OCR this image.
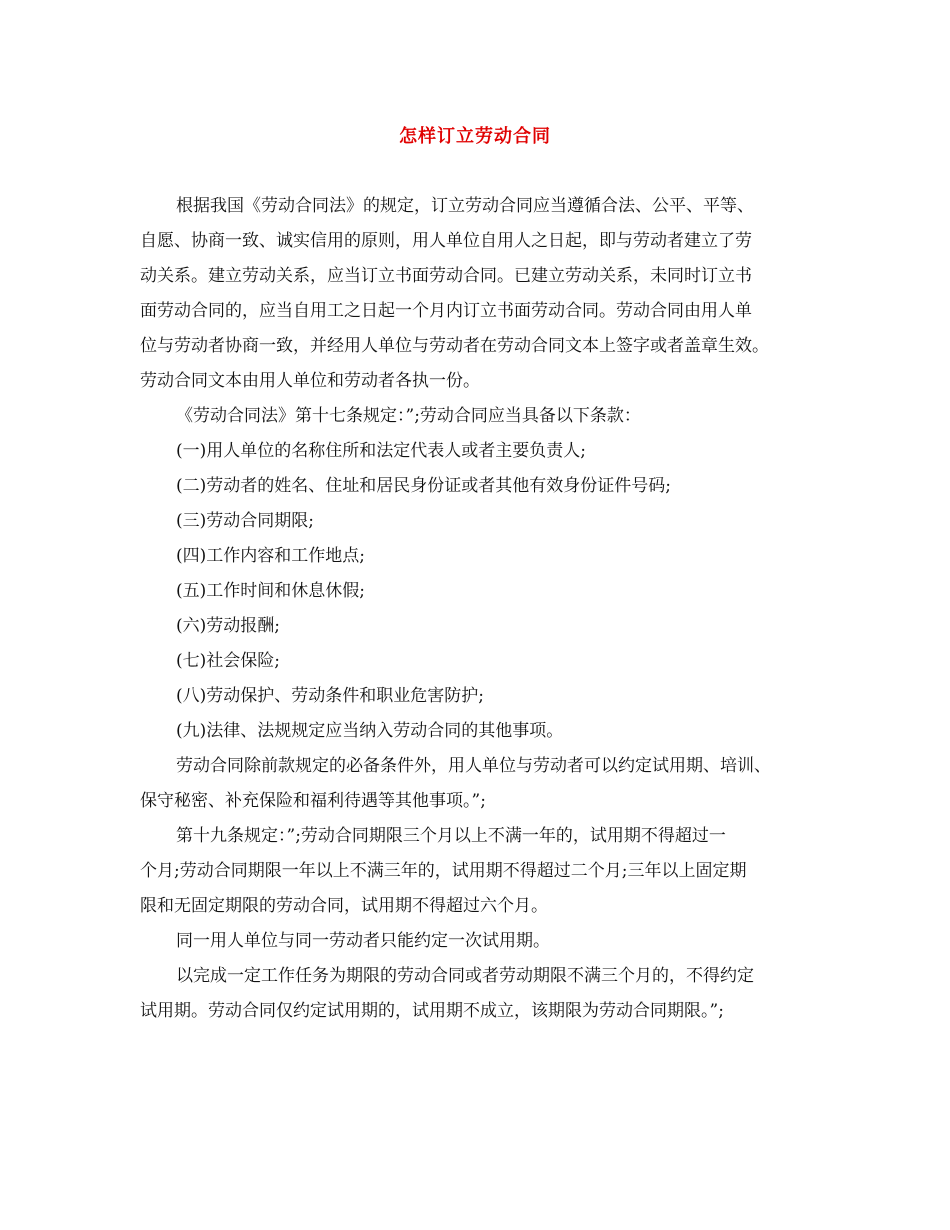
怎样订立劳动合同
根据我国《劳动合同法》的规定，订立劳动合同应当遵循合法、公平、平等、
自愿、协商一致、诚实信用的原则，用人单位自用人之日起，即与劳动者建立了劳
动关系。建立劳动关系，应当订立书面劳动合同。已建立劳动关系，未同时订立书
面劳动合同的，应当自用工之日起一个月内订立书面劳动合同。劳动合同由用人单
位与劳动者协商一致，并经用人单位与劳动者在劳动合同文本上签字或者盖章生效。
劳动合同文本由用人单位和劳动者各执一份。
《劳动合同法》第十七条规定：”;劳动合同应当具备以下条款：
(一)用人单位的名称住所和法定代表人或者主要负责人;
(二)劳动者的姓名、住址和居民身份证或者其他有效身份证件号码;
(三)劳动合同期限;
(四)工作内容和工作地点;
(五)工作时间和休息休假;
(六)劳动报酬;
(七)社会保险;
(八)劳动保护、劳动条件和职业危害防护;
(九)法律、法规规定应当纳入劳动合同的其他事项。
劳动合同除前款规定的必备条件外，用人单位与劳动者可以约定试用期、培训、
保守秘密、补充保险和福利待遇等其他事项。”;
第十九条规定：”;劳动合同期限三个月以上不满一年的，试用期不得超过一
个月;劳动合同期限一年以上不满三年的，试用期不得超过二个月;三年以上固定期
限和无固定期限的劳动合同，试用期不得超过六个月。
同一用人单位与同一劳动者只能约定一次试用期。
以完成一定工作任务为期限的劳动合同或者劳动期限不满三个月的，不得约定
试用期。劳动合同仅约定试用期的，试用期不成立，该期限为劳动合同期限。”;
